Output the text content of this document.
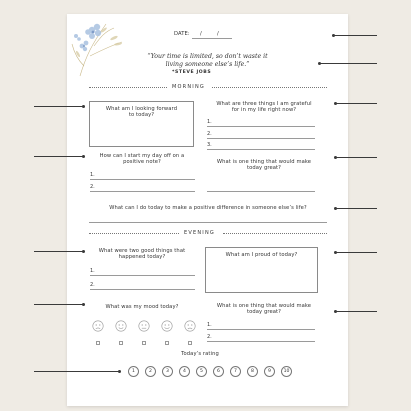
DATE: /	/
“Your time is limited, so don’t waste it
living someone else’s life.”
*STEVE JOBS
MORNING
What am I looking forward
to today?
What are three things I am grateful
for in my life right now?
1.
2.
3.
How can I start my day off on a
positive note?
1.
2.
What is one thing that would make
today great?
What can I do today to make a positive difference in someone else’s life?
EVENING
What were two good things that
happened today?
1.
2.
What am I proud of today?
What was my mood today?	What is one thing that would make
today great?
1.
2.
Today’s rating
1	2	3	4	5	6	7	8	9	10
